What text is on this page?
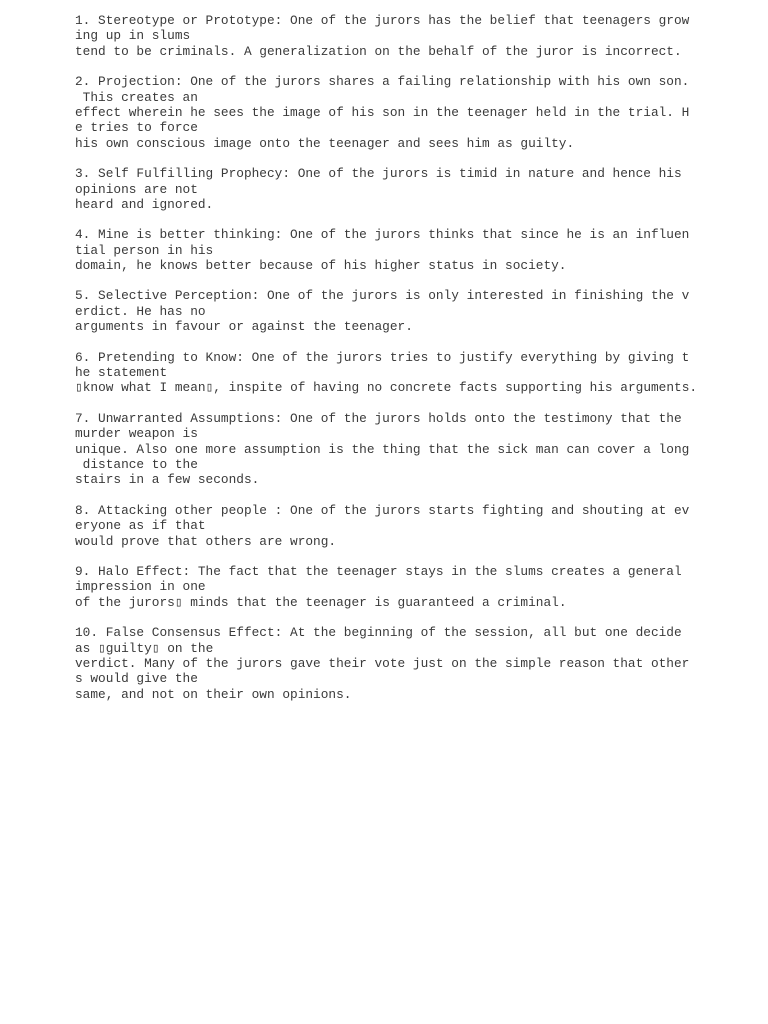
1. Stereotype or Prototype: One of the jurors has the belief that teenagers grow
ing up in slums
tend to be criminals. A generalization on the behalf of the juror is incorrect.
2. Projection: One of the jurors shares a failing relationship with his own son.
This creates an
effect wherein he sees the image of his son in the teenager held in the trial. H
e tries to force
his own conscious image onto the teenager and sees him as guilty.
3. Self Fulfilling Prophecy: One of the jurors is timid in nature and hence his
opinions are not
heard and ignored.
4. Mine is better thinking: One of the jurors thinks that since he is an influen
tial person in his
domain, he knows better because of his higher status in society.
5. Selective Perception: One of the jurors is only interested in finishing the v
erdict. He has no
arguments in favour or against the teenager.
6. Pretending to Know: One of the jurors tries to justify everything by giving t
he statement
▯know what I mean▯, inspite of having no concrete facts supporting his arguments.
7. Unwarranted Assumptions: One of the jurors holds onto the testimony that the
murder weapon is
unique. Also one more assumption is the thing that the sick man can cover a long
distance to the
stairs in a few seconds.
8. Attacking other people : One of the jurors starts fighting and shouting at ev
eryone as if that
would prove that others are wrong.
9. Halo Effect: The fact that the teenager stays in the slums creates a general
impression in one
of the jurors▯ minds that the teenager is guaranteed a criminal.
10. False Consensus Effect: At the beginning of the session, all but one decide
as ▯guilty▯ on the
verdict. Many of the jurors gave their vote just on the simple reason that other
s would give the
same, and not on their own opinions.
